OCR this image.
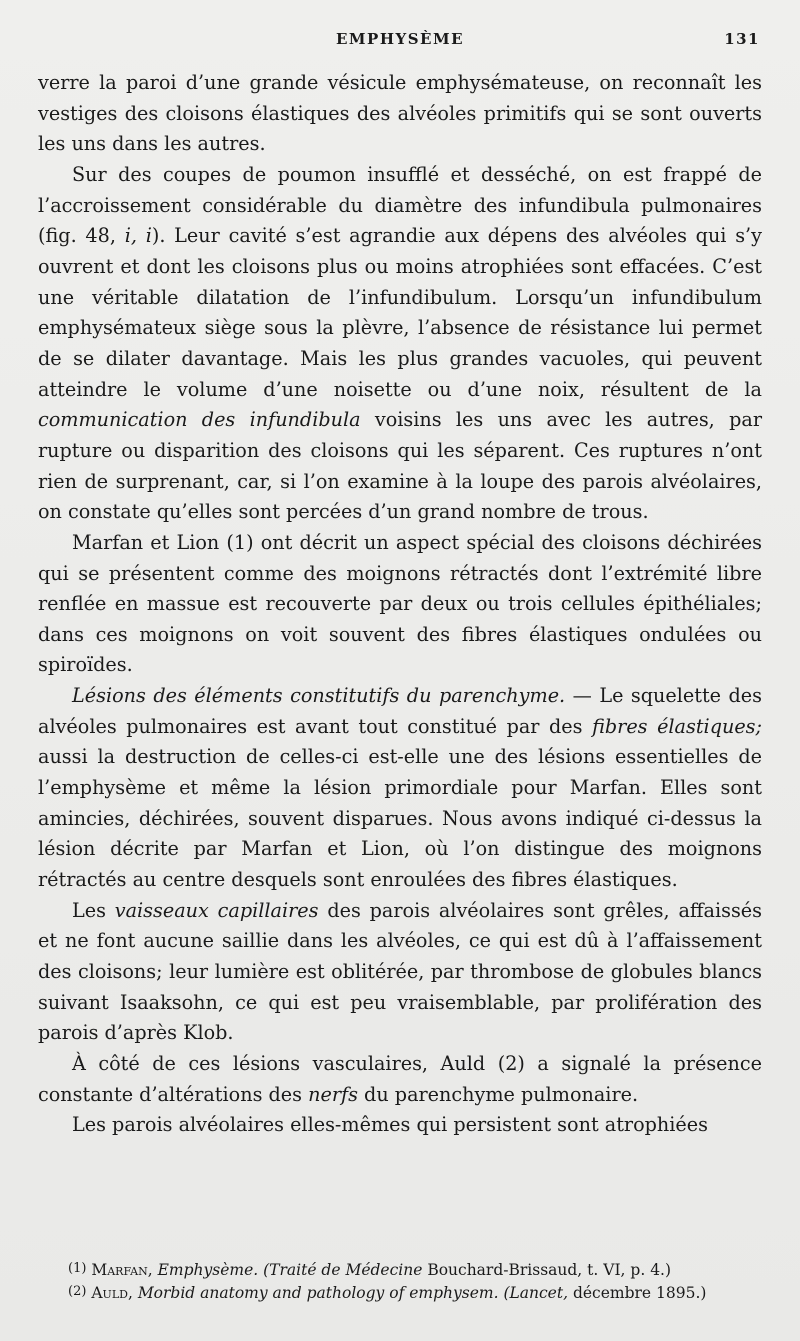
EMPHYSÈME	131

verre la paroi d’une grande vésicule emphysémateuse, on reconnaît les vestiges des cloisons élastiques des alvéoles primitifs qui se sont ouverts les uns dans les autres.

Sur des coupes de poumon insufflé et desséché, on est frappé de l’accroissement considérable du diamètre des infundibula pulmonaires (fig. 48, i, i). Leur cavité s’est agrandie aux dépens des alvéoles qui s’y ouvrent et dont les cloisons plus ou moins atrophiées sont effacées. C’est une véritable dilatation de l’infundibulum. Lorsqu’un infundibulum emphysémateux siège sous la plèvre, l’absence de résistance lui permet de se dilater davantage. Mais les plus grandes vacuoles, qui peuvent atteindre le volume d’une noisette ou d’une noix, résultent de la communication des infundibula voisins les uns avec les autres, par rupture ou disparition des cloisons qui les séparent. Ces ruptures n’ont rien de surprenant, car, si l’on examine à la loupe des parois alvéolaires, on constate qu’elles sont percées d’un grand nombre de trous.

Marfan et Lion (1) ont décrit un aspect spécial des cloisons déchirées qui se présentent comme des moignons rétractés dont l’extrémité libre renflée en massue est recouverte par deux ou trois cellules épithéliales; dans ces moignons on voit souvent des fibres élastiques ondulées ou spiroïdes.

Lésions des éléments constitutifs du parenchyme. — Le squelette des alvéoles pulmonaires est avant tout constitué par des fibres élastiques; aussi la destruction de celles-ci est-elle une des lésions essentielles de l’emphysème et même la lésion primordiale pour Marfan. Elles sont amincies, déchirées, souvent disparues. Nous avons indiqué ci-dessus la lésion décrite par Marfan et Lion, où l’on distingue des moignons rétractés au centre desquels sont enroulées des fibres élastiques.

Les vaisseaux capillaires des parois alvéolaires sont grêles, affaissés et ne font aucune saillie dans les alvéoles, ce qui est dû à l’affaissement des cloisons; leur lumière est oblitérée, par thrombose de globules blancs suivant Isaaksohn, ce qui est peu vraisemblable, par prolifération des parois d’après Klob.

À côté de ces lésions vasculaires, Auld (2) a signalé la présence constante d’altérations des nerfs du parenchyme pulmonaire.

Les parois alvéolaires elles-mêmes qui persistent sont atrophiées

(1) Marfan, Emphysème. (Traité de Médecine Bouchard-Brissaud, t. VI, p. 4.)

(2) Auld, Morbid anatomy and pathology of emphysem. (Lancet, décembre 1895.)
